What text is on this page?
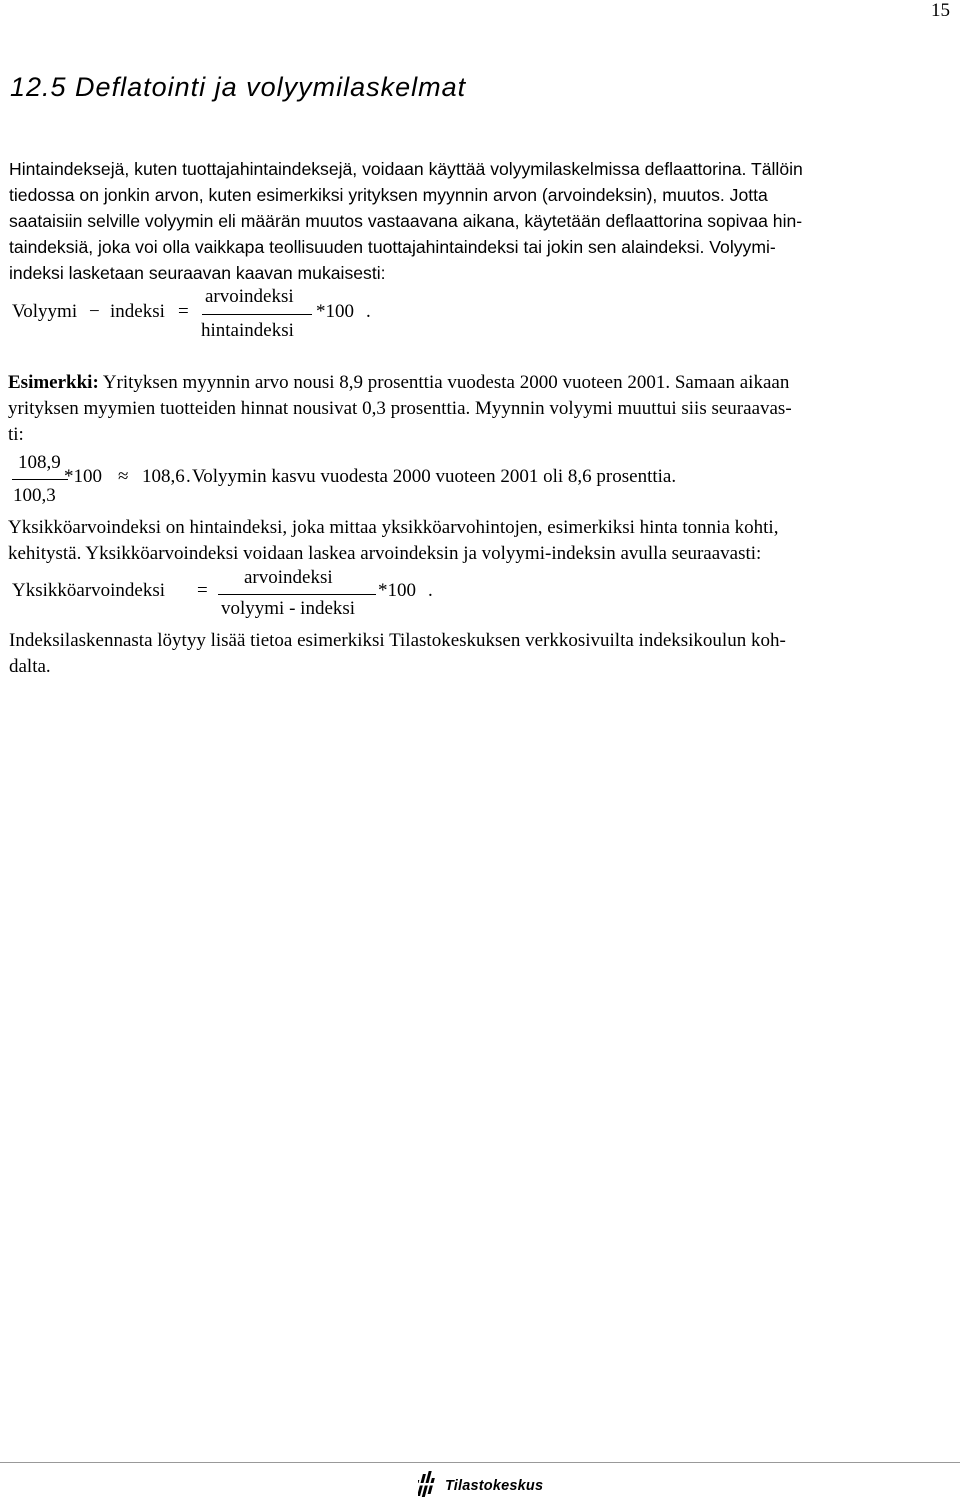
15
12.5 Deflatointi ja volyymilaskelmat
Hintaindeksejä, kuten tuottajahintaindeksejä, voidaan käyttää volyymilaskelmissa deflaattorina. Tällöin
tiedossa on jonkin arvon, kuten esimerkiksi yrityksen myynnin arvon (arvoindeksin), muutos. Jotta
saataisiin selville volyymin eli määrän muutos vastaavana aikana, käytetään deflaattorina sopivaa hin-
taindeksiä, joka voi olla vaikkapa teollisuuden tuottajahintaindeksi tai jokin sen alaindeksi. Volyymi-
indeksi lasketaan seuraavan kaavan mukaisesti:
Volyymi − indeksi =
arvoindeksi
hintaindeksi
*100 .
Esimerkki: Yrityksen myynnin arvo nousi 8,9 prosenttia vuodesta 2000 vuoteen 2001. Samaan aikaan
yrityksen myymien tuotteiden hinnat nousivat 0,3 prosenttia. Myynnin volyymi muuttui siis seuraavas-
ti:
108,9
100,3
*100 ≈ 108,6 . Volyymin kasvu vuodesta 2000 vuoteen 2001 oli 8,6 prosenttia.
Yksikköarvoindeksi on hintaindeksi, joka mittaa yksikköarvohintojen, esimerkiksi hinta tonnia kohti,
kehitystä. Yksikköarvoindeksi voidaan laskea arvoindeksin ja volyymi-indeksin avulla seuraavasti:
Yksikköarvoindeksi =
arvoindeksi
volyymi - indeksi
*100 .
Indeksilaskennasta löytyy lisää tietoa esimerkiksi Tilastokeskuksen verkkosivuilta indeksikoulun koh-
dalta.
Tilastokeskus
